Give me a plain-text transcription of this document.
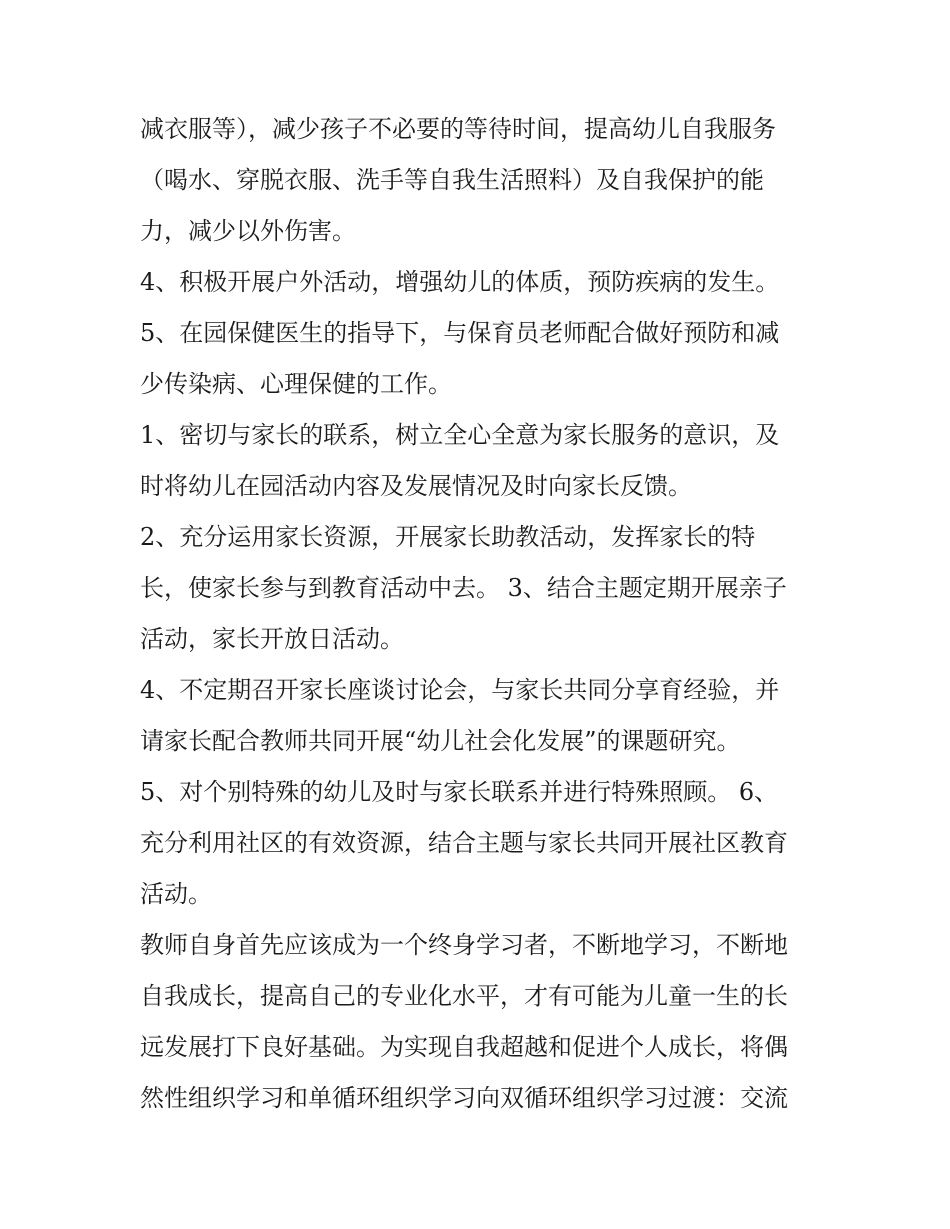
减衣服等），减少孩子不必要的等待时间，提高幼儿自我服务
（喝水、穿脱衣服、洗手等自我生活照料）及自我保护的能
力，减少以外伤害。
4、积极开展户外活动，增强幼儿的体质，预防疾病的发生。
5、在园保健医生的指导下，与保育员老师配合做好预防和减
少传染病、心理保健的工作。
1、密切与家长的联系，树立全心全意为家长服务的意识，及
时将幼儿在园活动内容及发展情况及时向家长反馈。
2、充分运用家长资源，开展家长助教活动，发挥家长的特
长，使家长参与到教育活动中去。 3、结合主题定期开展亲子
活动，家长开放日活动。
4、不定期召开家长座谈讨论会，与家长共同分享育经验，并
请家长配合教师共同开展“幼儿社会化发展”的课题研究。
5、对个别特殊的幼儿及时与家长联系并进行特殊照顾。 6、
充分利用社区的有效资源，结合主题与家长共同开展社区教育
活动。
教师自身首先应该成为一个终身学习者，不断地学习，不断地
自我成长，提高自己的专业化水平，才有可能为儿童一生的长
远发展打下良好基础。为实现自我超越和促进个人成长，将偶
然性组织学习和单循环组织学习向双循环组织学习过渡：交流
